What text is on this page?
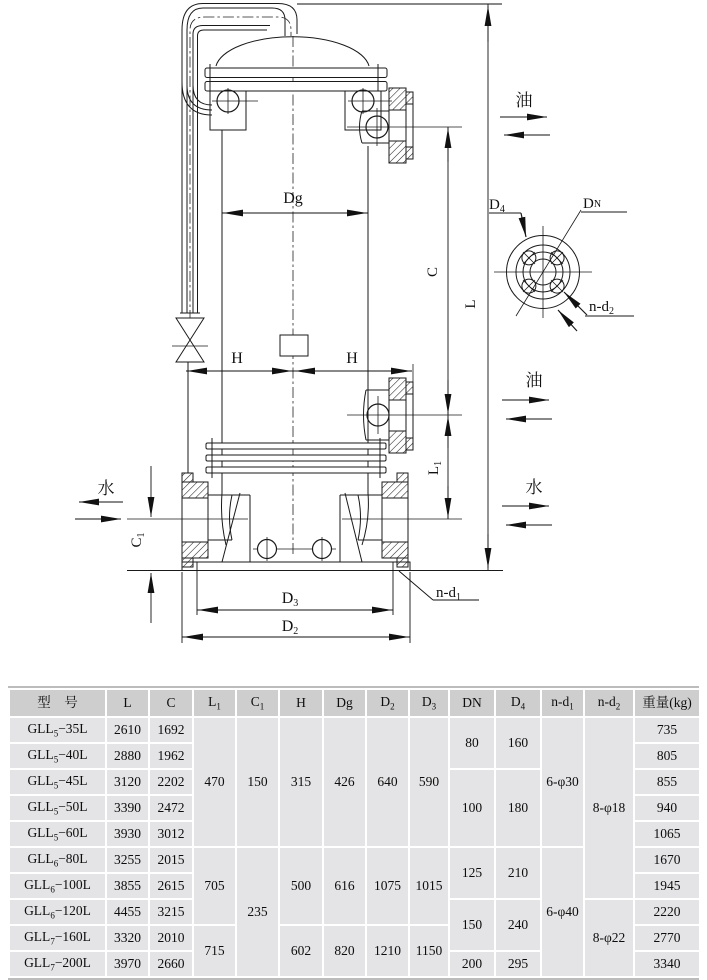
Dg
H	H
C
L
$L_1$
$C_1$
D3
D2
$n-d_1$
油
油
水
水
$D_4$	DN
$n-d_2$
型　号	L	C	$L_1$	$C_1$	H	Dg	$D_2$	$D_3$	DN	$D_4$	$n-d_1$	$n-d_2$	重量(kg)
$GLL_5-35L$	2610	1692	470	150	315	426	640	590	80	160	6-φ30	8-φ18	735
$GLL_5-40L$	2880	1962											805
$GLL_5-45L$	3120	2202							100	180			855
$GLL_5-50L$	3390	2472											940
$GLL_5-60L$	3930	3012											1065
$GLL_6-80L$	3255	2015	705	235	500	616	1075	1015	125	210	6-φ40		1670
$GLL_6-100L$	3855	2615											1945
$GLL_6-120L$	4455	3215							150	240		8-φ22	2220
$GLL_7-160L$	3320	2010	715		602	820	1210	1150					2770
$GLL_7-200L$	3970	2660							200	295			3340
